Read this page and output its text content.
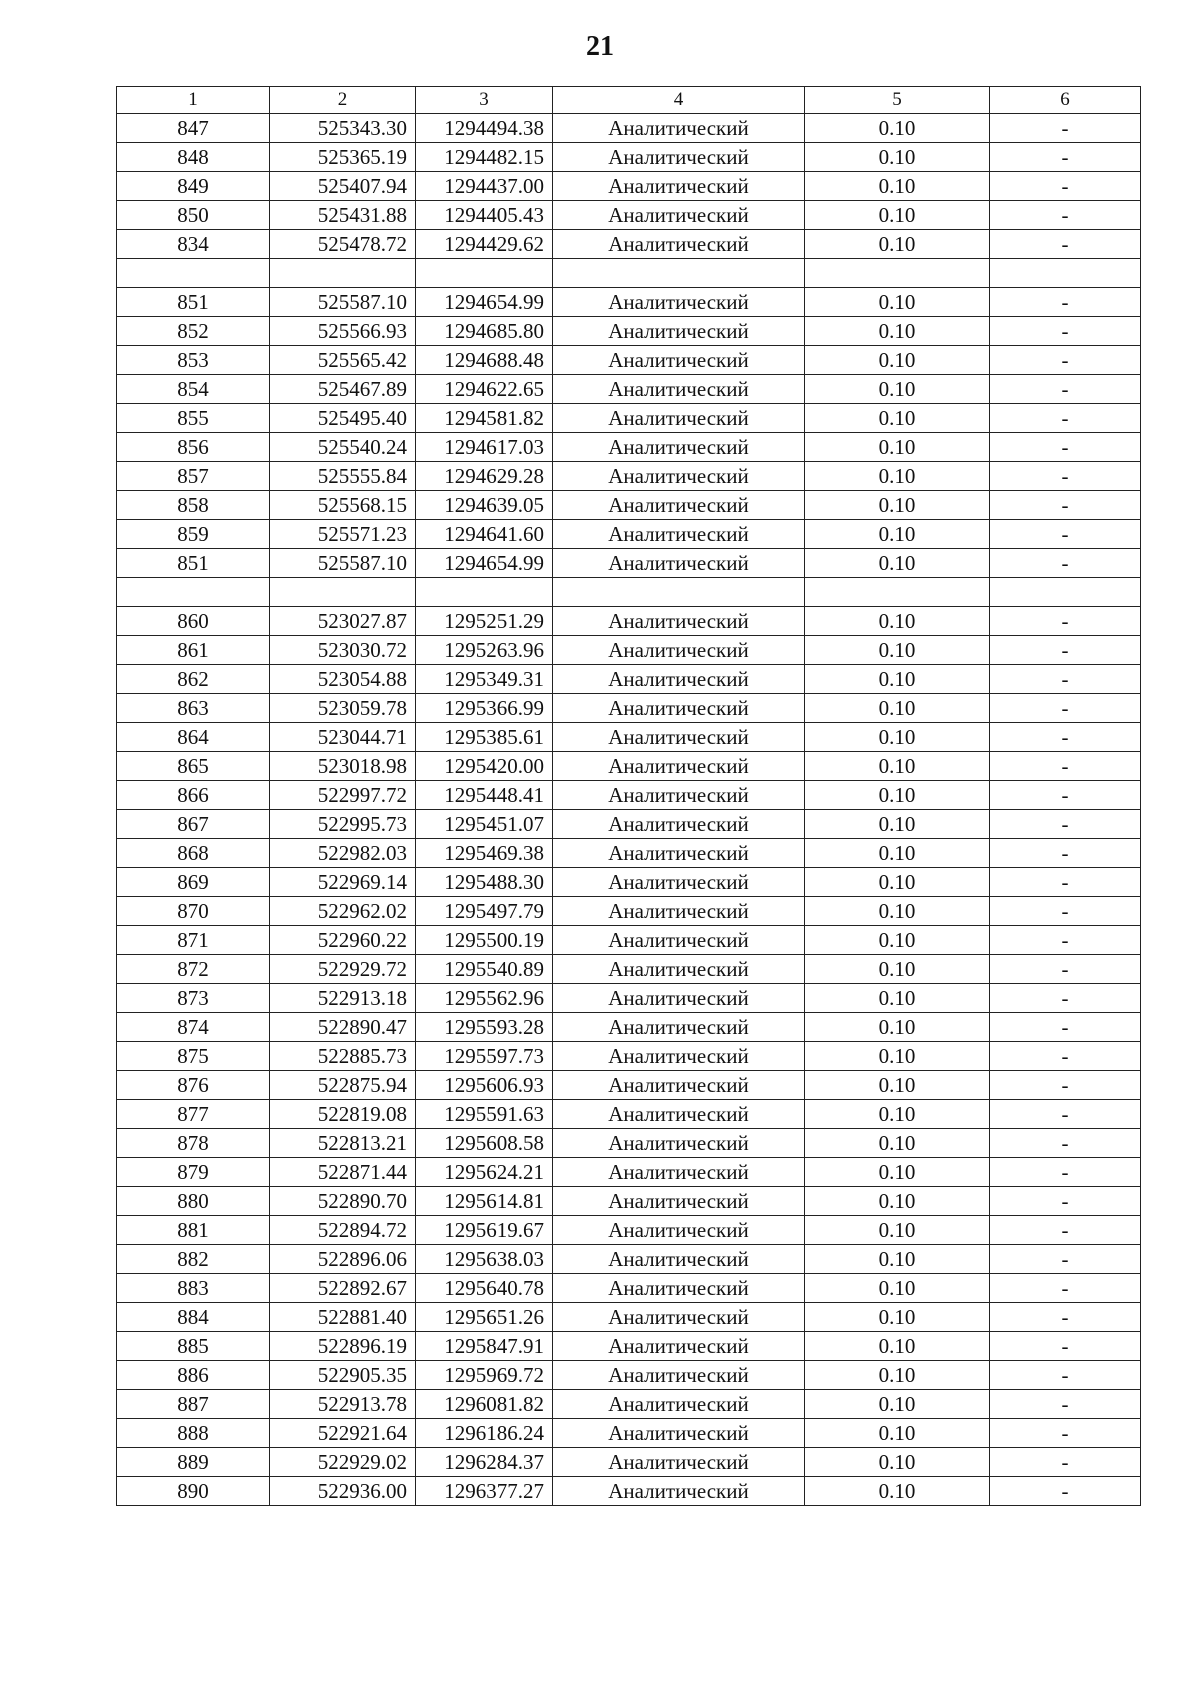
21
1	2	3	4	5	6
847	525343.30	1294494.38	Аналитический	0.10	-
848	525365.19	1294482.15	Аналитический	0.10	-
849	525407.94	1294437.00	Аналитический	0.10	-
850	525431.88	1294405.43	Аналитический	0.10	-
834	525478.72	1294429.62	Аналитический	0.10	-

851	525587.10	1294654.99	Аналитический	0.10	-
852	525566.93	1294685.80	Аналитический	0.10	-
853	525565.42	1294688.48	Аналитический	0.10	-
854	525467.89	1294622.65	Аналитический	0.10	-
855	525495.40	1294581.82	Аналитический	0.10	-
856	525540.24	1294617.03	Аналитический	0.10	-
857	525555.84	1294629.28	Аналитический	0.10	-
858	525568.15	1294639.05	Аналитический	0.10	-
859	525571.23	1294641.60	Аналитический	0.10	-
851	525587.10	1294654.99	Аналитический	0.10	-

860	523027.87	1295251.29	Аналитический	0.10	-
861	523030.72	1295263.96	Аналитический	0.10	-
862	523054.88	1295349.31	Аналитический	0.10	-
863	523059.78	1295366.99	Аналитический	0.10	-
864	523044.71	1295385.61	Аналитический	0.10	-
865	523018.98	1295420.00	Аналитический	0.10	-
866	522997.72	1295448.41	Аналитический	0.10	-
867	522995.73	1295451.07	Аналитический	0.10	-
868	522982.03	1295469.38	Аналитический	0.10	-
869	522969.14	1295488.30	Аналитический	0.10	-
870	522962.02	1295497.79	Аналитический	0.10	-
871	522960.22	1295500.19	Аналитический	0.10	-
872	522929.72	1295540.89	Аналитический	0.10	-
873	522913.18	1295562.96	Аналитический	0.10	-
874	522890.47	1295593.28	Аналитический	0.10	-
875	522885.73	1295597.73	Аналитический	0.10	-
876	522875.94	1295606.93	Аналитический	0.10	-
877	522819.08	1295591.63	Аналитический	0.10	-
878	522813.21	1295608.58	Аналитический	0.10	-
879	522871.44	1295624.21	Аналитический	0.10	-
880	522890.70	1295614.81	Аналитический	0.10	-
881	522894.72	1295619.67	Аналитический	0.10	-
882	522896.06	1295638.03	Аналитический	0.10	-
883	522892.67	1295640.78	Аналитический	0.10	-
884	522881.40	1295651.26	Аналитический	0.10	-
885	522896.19	1295847.91	Аналитический	0.10	-
886	522905.35	1295969.72	Аналитический	0.10	-
887	522913.78	1296081.82	Аналитический	0.10	-
888	522921.64	1296186.24	Аналитический	0.10	-
889	522929.02	1296284.37	Аналитический	0.10	-
890	522936.00	1296377.27	Аналитический	0.10	-
